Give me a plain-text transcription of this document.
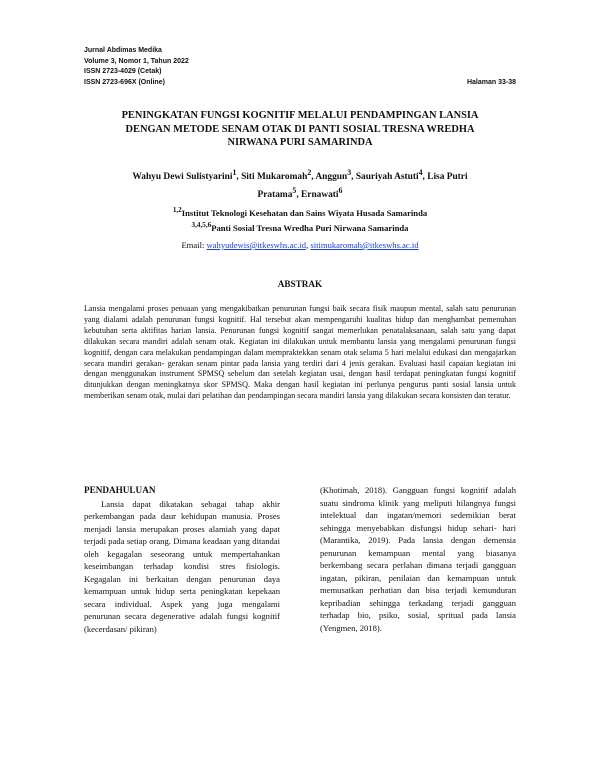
Jurnal Abdimas Medika
Volume 3, Nomor 1, Tahun 2022
ISSN 2723-4029 (Cetak)
ISSN 2723-696X (Online)	Halaman 33-38
PENINGKATAN FUNGSI KOGNITIF MELALUI PENDAMPINGAN LANSIA
DENGAN METODE SENAM OTAK DI PANTI SOSIAL TRESNA WREDHA
NIRWANA PURI SAMARINDA
Wahyu Dewi Sulistyarini$^1$, Siti Mukaromah$^2$, Anggun$^3$, Sauriyah Astuti$^4$, Lisa Putri Pratama$^5$, Ernawati$^6$
$^{1,2}$Institut Teknologi Kesehatan dan Sains Wiyata Husada Samarinda
$^{3,4,5,6}$Panti Sosial Tresna Wredha Puri Nirwana Samarinda
Email: wahyudewis@itkeswhs.ac.id, sitimukaromah@itkeswhs.ac.id
ABSTRAK

Lansia mengalami proses penuaan yang mengakibatkan penurunan fungsi baik secara fisik maupun mental, salah satu penurunan yang dialami adalah penurunan fungsi kognitif. Hal tersebut akan mempengaruhi kualitas hidup dan menghambat pemenuhan kebutuhan serta aktifitas harian lansia. Penurunan fungsi kognitif sangat memerlukan penatalaksanaan, salah satu yang dapat dilakukan secara mandiri adalah senam otak. Kegiatan ini dilakukan untuk membantu lansia yang mengalami penurunan fungsi kognitif, dengan cara melakukan pendampingan dalam mempraktekkan senam otak selama 5 hari melalui edukasi dan mengajarkan secara mandiri gerakan- gerakan senam pintar pada lansia yang terdiri dari 4 jenis gerakan. Evaluasi hasil capaian kegiatan ini dengan menggunakan instrument SPMSQ sebelum dan setelah kegiatan usai, dengan hasil terdapat peningkatan fungsi kognitif ditunjukkan dengan meningkatnya skor SPMSQ. Maka dengan hasil kegiatan ini perlunya pengurus panti sosial lansia untuk memberikan senam otak, mulai dari pelatihan dan pendampingan secara mandiri lansia yang dilakukan secara konsisten dan teratur.

PENDAHULUAN

Lansia dapat dikatakan sebagai tahap akhir perkembangan pada daur kehidupan manusia. Proses menjadi lansia merupakan proses alamiah yang dapat terjadi pada setiap orang. Dimana keadaan yang ditandai oleh kegagalan seseorang untuk mempertahankan keseimbangan terhadap kondisi stres fisiologis. Kegagalan ini berkaitan dengan penurunan daya kemampuan untuk hidup serta peningkatan kepekaan secara individual. Aspek yang juga mengalami penurunan secara degenerative adalah fungsi kognitif (kecerdasan/ pikiran)

(Khotimah, 2018). Gangguan fungsi kognitif adalah suatu sindroma klinik yang meliputi hilangnya fungsi intelektual dan ingatan/memori sedemikian berat sehingga menyebabkan disfungsi hidup sehari- hari (Marantika, 2019). Pada lansia dengan demensia penurunan kemampuan mental yang biasanya berkembang secara perlahan dimana terjadi gangguan ingatan, pikiran, penilaian dan kemampuan untuk memusatkan perhatian dan bisa terjadi kemunduran kepribadian sehingga terkadang terjadi gangguan terhadap bio, psiko, sosial, spritual pada lansia (Yengmen, 2018).
